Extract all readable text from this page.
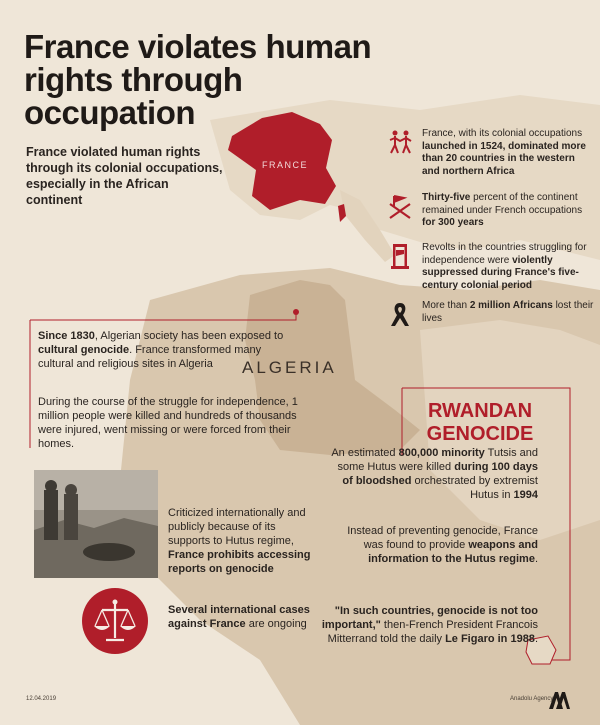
France violates human rights through occupation
France violated human rights through its colonial occupations, especially in the African continent
FRANCE
ALGERIA
France, with its colonial occupations launched in 1524, dominated more than 20 countries in the western and northern Africa
Thirty-five percent of the continent remained under French occupations for 300 years
Revolts in the countries struggling for independence were violently suppressed during France's five-century colonial period
More than 2 million Africans lost their lives
Since 1830, Algerian society has been exposed to cultural genocide. France transformed many cultural and religious sites in Algeria
During the course of the struggle for independence, 1 million people were killed and hundreds of thousands were injured, went missing or were forced from their homes.
Criticized internationally and publicly because of its supports to Hutus regime, France prohibits accessing reports on genocide
Several international cases against France are ongoing
RWANDAN
GENOCIDE
An estimated 800,000 minority Tutsis and some Hutus were killed during 100 days of bloodshed orchestrated by extremist Hutus in 1994
Instead of preventing genocide, France was found to provide weapons and information to the Hutus regime.
"In such countries, genocide is not too important," then-French President Francois Mitterrand told the daily Le Figaro in 1988.
12.04.2019	Anadolu Agency
